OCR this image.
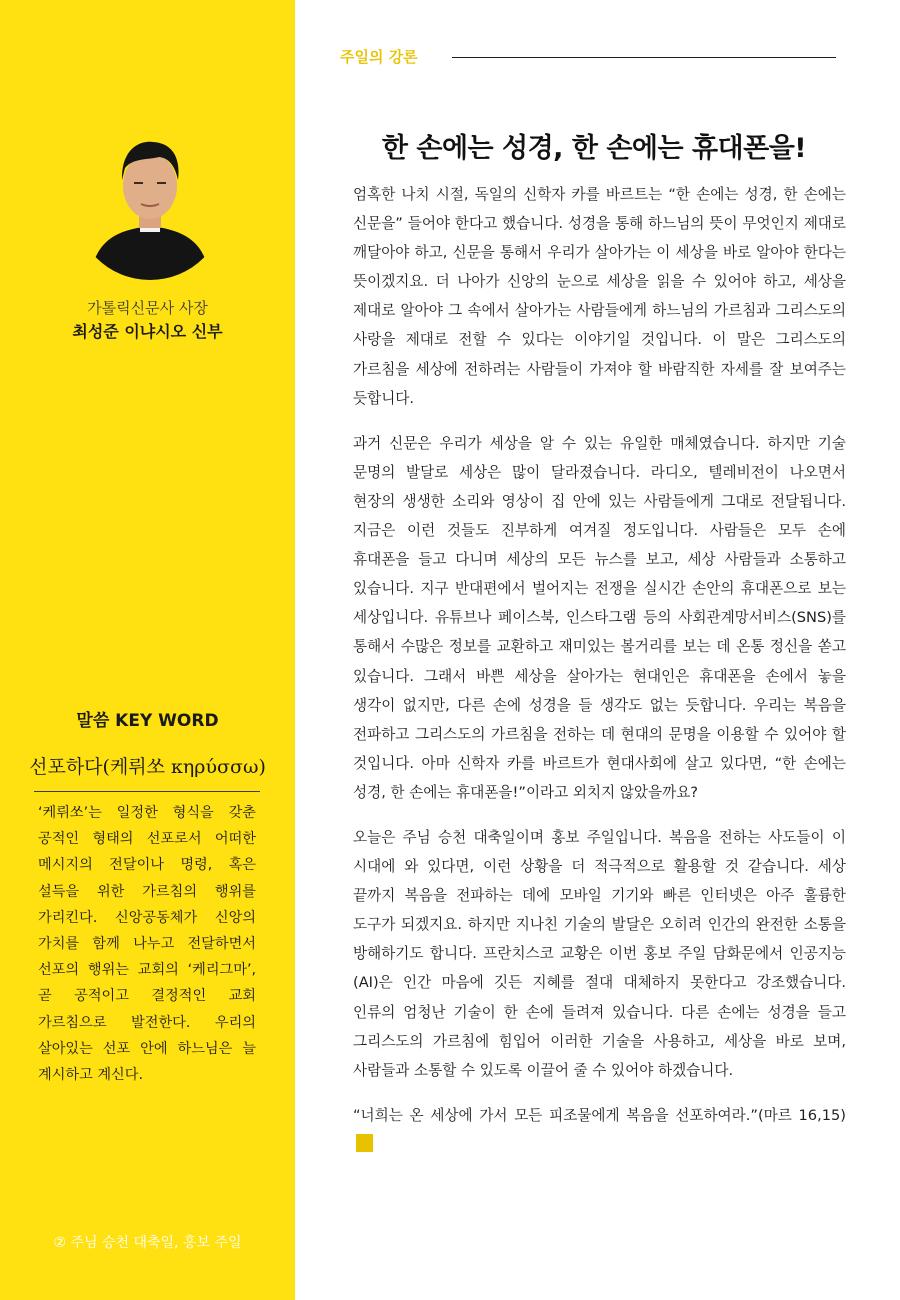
가톨릭신문사 사장
최성준 이냐시오 신부
말씀 KEY WORD
선포하다(케뤼쏘 κηρύσσω)
‘케뤼쏘’는 일정한 형식을 갖춘 공적인 형태의 선포로서 어떠한 메시지의 전달이나 명령, 혹은 설득을 위한 가르침의 행위를 가리킨다. 신앙공동체가 신앙의 가치를 함께 나누고 전달하면서 선포의 행위는 교회의 ‘케리그마’, 곧 공적이고 결정적인 교회 가르침으로 발전한다. 우리의 살아있는 선포 안에 하느님은 늘 계시하고 계신다.
② 주님 승천 대축일, 홍보 주일
주일의 강론
한 손에는 성경, 한 손에는 휴대폰을!

엄혹한 나치 시절, 독일의 신학자 카를 바르트는 “한 손에는 성경, 한 손에는 신문을” 들어야 한다고 했습니다. 성경을 통해 하느님의 뜻이 무엇인지 제대로 깨달아야 하고, 신문을 통해서 우리가 살아가는 이 세상을 바로 알아야 한다는 뜻이겠지요. 더 나아가 신앙의 눈으로 세상을 읽을 수 있어야 하고, 세상을 제대로 알아야 그 속에서 살아가는 사람들에게 하느님의 가르침과 그리스도의 사랑을 제대로 전할 수 있다는 이야기일 것입니다. 이 말은 그리스도의 가르침을 세상에 전하려는 사람들이 가져야 할 바람직한 자세를 잘 보여주는 듯합니다.

과거 신문은 우리가 세상을 알 수 있는 유일한 매체였습니다. 하지만 기술 문명의 발달로 세상은 많이 달라졌습니다. 라디오, 텔레비전이 나오면서 현장의 생생한 소리와 영상이 집 안에 있는 사람들에게 그대로 전달됩니다. 지금은 이런 것들도 진부하게 여겨질 정도입니다. 사람들은 모두 손에 휴대폰을 들고 다니며 세상의 모든 뉴스를 보고, 세상 사람들과 소통하고 있습니다. 지구 반대편에서 벌어지는 전쟁을 실시간 손안의 휴대폰으로 보는 세상입니다. 유튜브나 페이스북, 인스타그램 등의 사회관계망서비스(SNS)를 통해서 수많은 정보를 교환하고 재미있는 볼거리를 보는 데 온통 정신을 쏟고 있습니다. 그래서 바쁜 세상을 살아가는 현대인은 휴대폰을 손에서 놓을 생각이 없지만, 다른 손에 성경을 들 생각도 없는 듯합니다. 우리는 복음을 전파하고 그리스도의 가르침을 전하는 데 현대의 문명을 이용할 수 있어야 할 것입니다. 아마 신학자 카를 바르트가 현대사회에 살고 있다면, “한 손에는 성경, 한 손에는 휴대폰을!”이라고 외치지 않았을까요?

오늘은 주님 승천 대축일이며 홍보 주일입니다. 복음을 전하는 사도들이 이 시대에 와 있다면, 이런 상황을 더 적극적으로 활용할 것 같습니다. 세상 끝까지 복음을 전파하는 데에 모바일 기기와 빠른 인터넷은 아주 훌륭한 도구가 되겠지요. 하지만 지나친 기술의 발달은 오히려 인간의 완전한 소통을 방해하기도 합니다. 프란치스코 교황은 이번 홍보 주일 담화문에서 인공지능(AI)은 인간 마음에 깃든 지혜를 절대 대체하지 못한다고 강조했습니다. 인류의 엄청난 기술이 한 손에 들려져 있습니다. 다른 손에는 성경을 들고 그리스도의 가르침에 힘입어 이러한 기술을 사용하고, 세상을 바로 보며, 사람들과 소통할 수 있도록 이끌어 줄 수 있어야 하겠습니다.

“너희는 온 세상에 가서 모든 피조물에게 복음을 선포하여라.”(마르 16,15)
